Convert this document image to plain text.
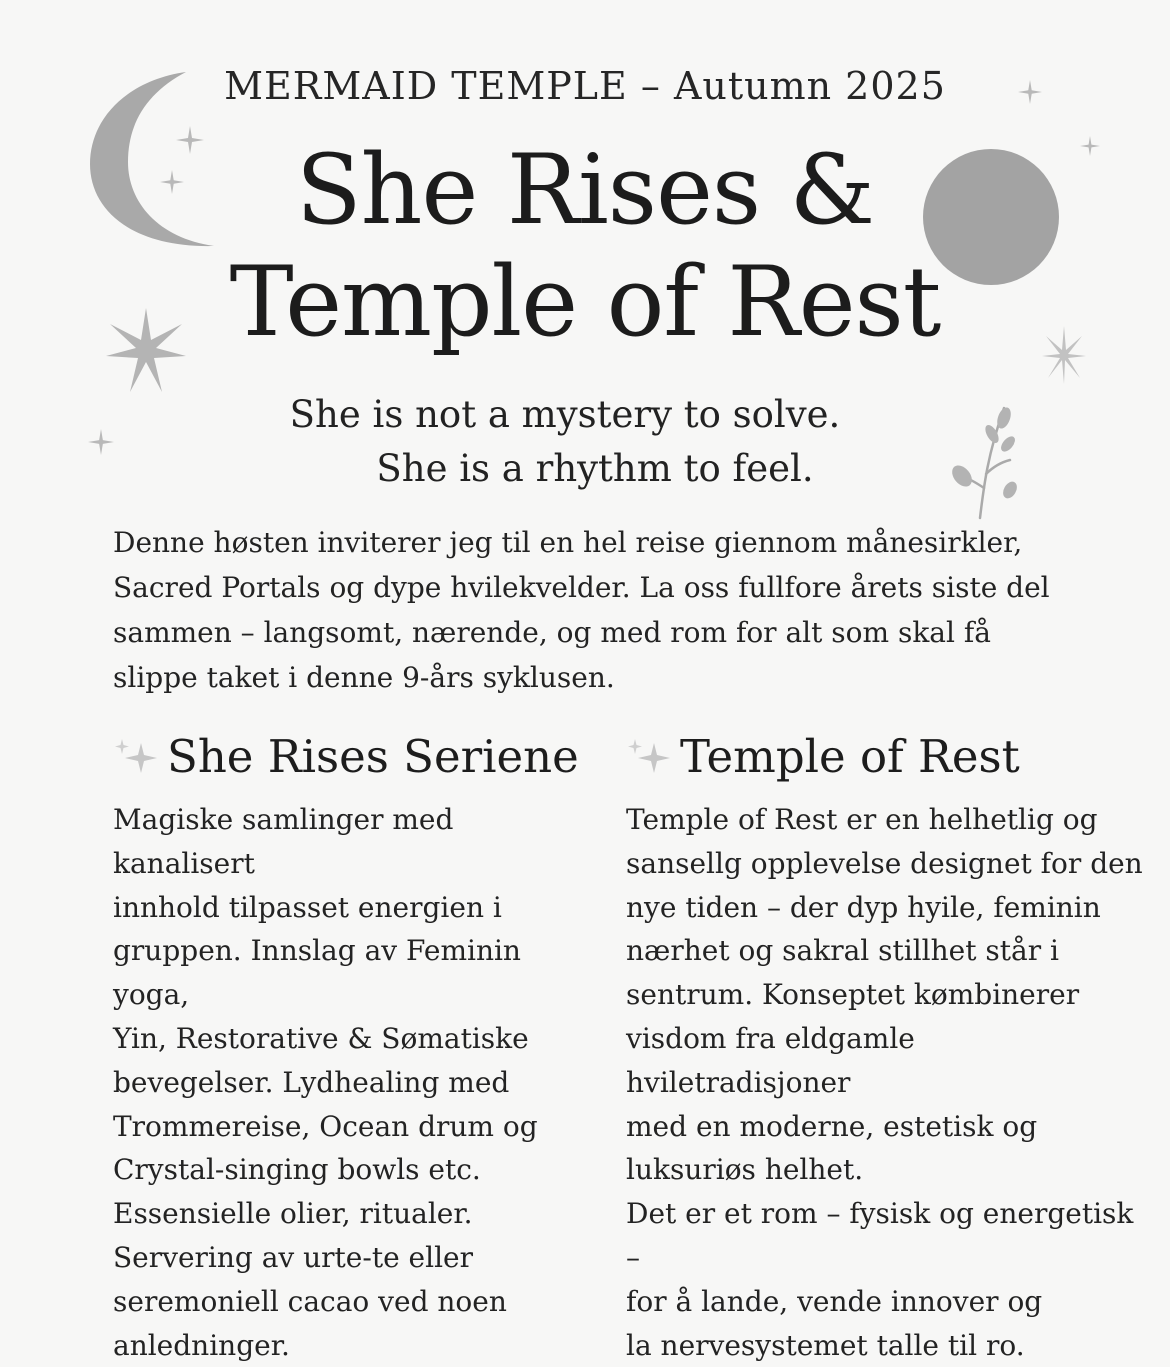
MERMAID TEMPLE – Autumn 2025
She Rises &
Temple of Rest
She is not a mystery to solve.
She is a rhythm to feel.
Denne høsten inviterer jeg til en hel reise giennom månesirkler, Sacred Portals og dype hvilekvelder. La oss fullfore årets siste del sammen – langsomt, nærende, og med rom for alt som skal få slippe taket i denne 9-års syklusen.
She Rises Seriene

Magiske samlinger med kanalisert
innhold tilpasset energien i
gruppen. Innslag av Feminin yoga,
Yin, Restorative & Sømatiske
bevegelser. Lydhealing med
Trommereise, Ocean drum og
Crystal-singing bowls etc.
Essensielle olier, ritualer.
Servering av urte-te eller
seremoniell cacao ved noen
anledninger.

Temple of Rest

Temple of Rest er en helhetlig og
sansellg opplevelse designet for den
nye tiden – der dyp hyile, feminin
nærhet og sakral stillhet står i
sentrum. Konseptet kømbinerer
visdom fra eldgamle hviletradisjoner
med en moderne, estetisk og
luksuriøs helhet.
Det er et rom – fysisk og energetisk –
for å lande, vende innover og
la nervesystemet talle til ro.
